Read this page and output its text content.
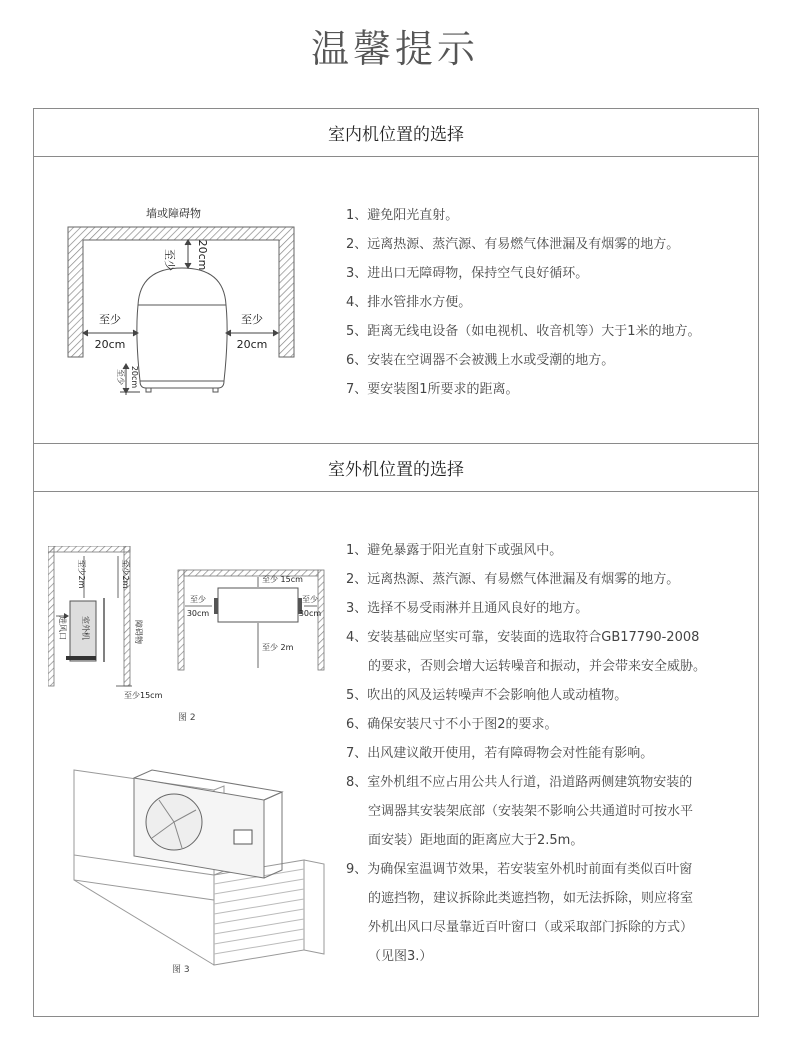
温馨提示
室内机位置的选择
墙或障碍物
至少 20cm
至少
20cm
至少
20cm
至少 20cm
1、避免阳光直射。
2、远离热源、蒸汽源、有易燃气体泄漏及有烟雾的地方。
3、进出口无障碍物，保持空气良好循环。
4、排水管排水方便。
5、距离无线电设备（如电视机、收音机等）大于1米的地方。
6、安装在空调器不会被溅上水或受潮的地方。
7、要安装图1所要求的距离。
室外机位置的选择
至少2m	至少2m
进风口 室外机	障碍物
至少15cm
至少 15cm
至少
30cm
至少
30cm
至少 2m
图 2
图 3
1、避免暴露于阳光直射下或强风中。
2、远离热源、蒸汽源、有易燃气体泄漏及有烟雾的地方。
3、选择不易受雨淋并且通风良好的地方。
4、安装基础应坚实可靠，安装面的选取符合GB17790-2008
的要求，否则会增大运转噪音和振动，并会带来安全威胁。
5、吹出的风及运转噪声不会影响他人或动植物。
6、确保安装尺寸不小于图2的要求。
7、出风建议敞开使用，若有障碍物会对性能有影响。
8、室外机组不应占用公共人行道，沿道路两侧建筑物安装的
空调器其安装架底部（安装架不影响公共通道时可按水平
面安装）距地面的距离应大于2.5m。
9、为确保室温调节效果，若安装室外机时前面有类似百叶窗
的遮挡物，建议拆除此类遮挡物，如无法拆除，则应将室
外机出风口尽量靠近百叶窗口（或采取部门拆除的方式）
（见图3.）
